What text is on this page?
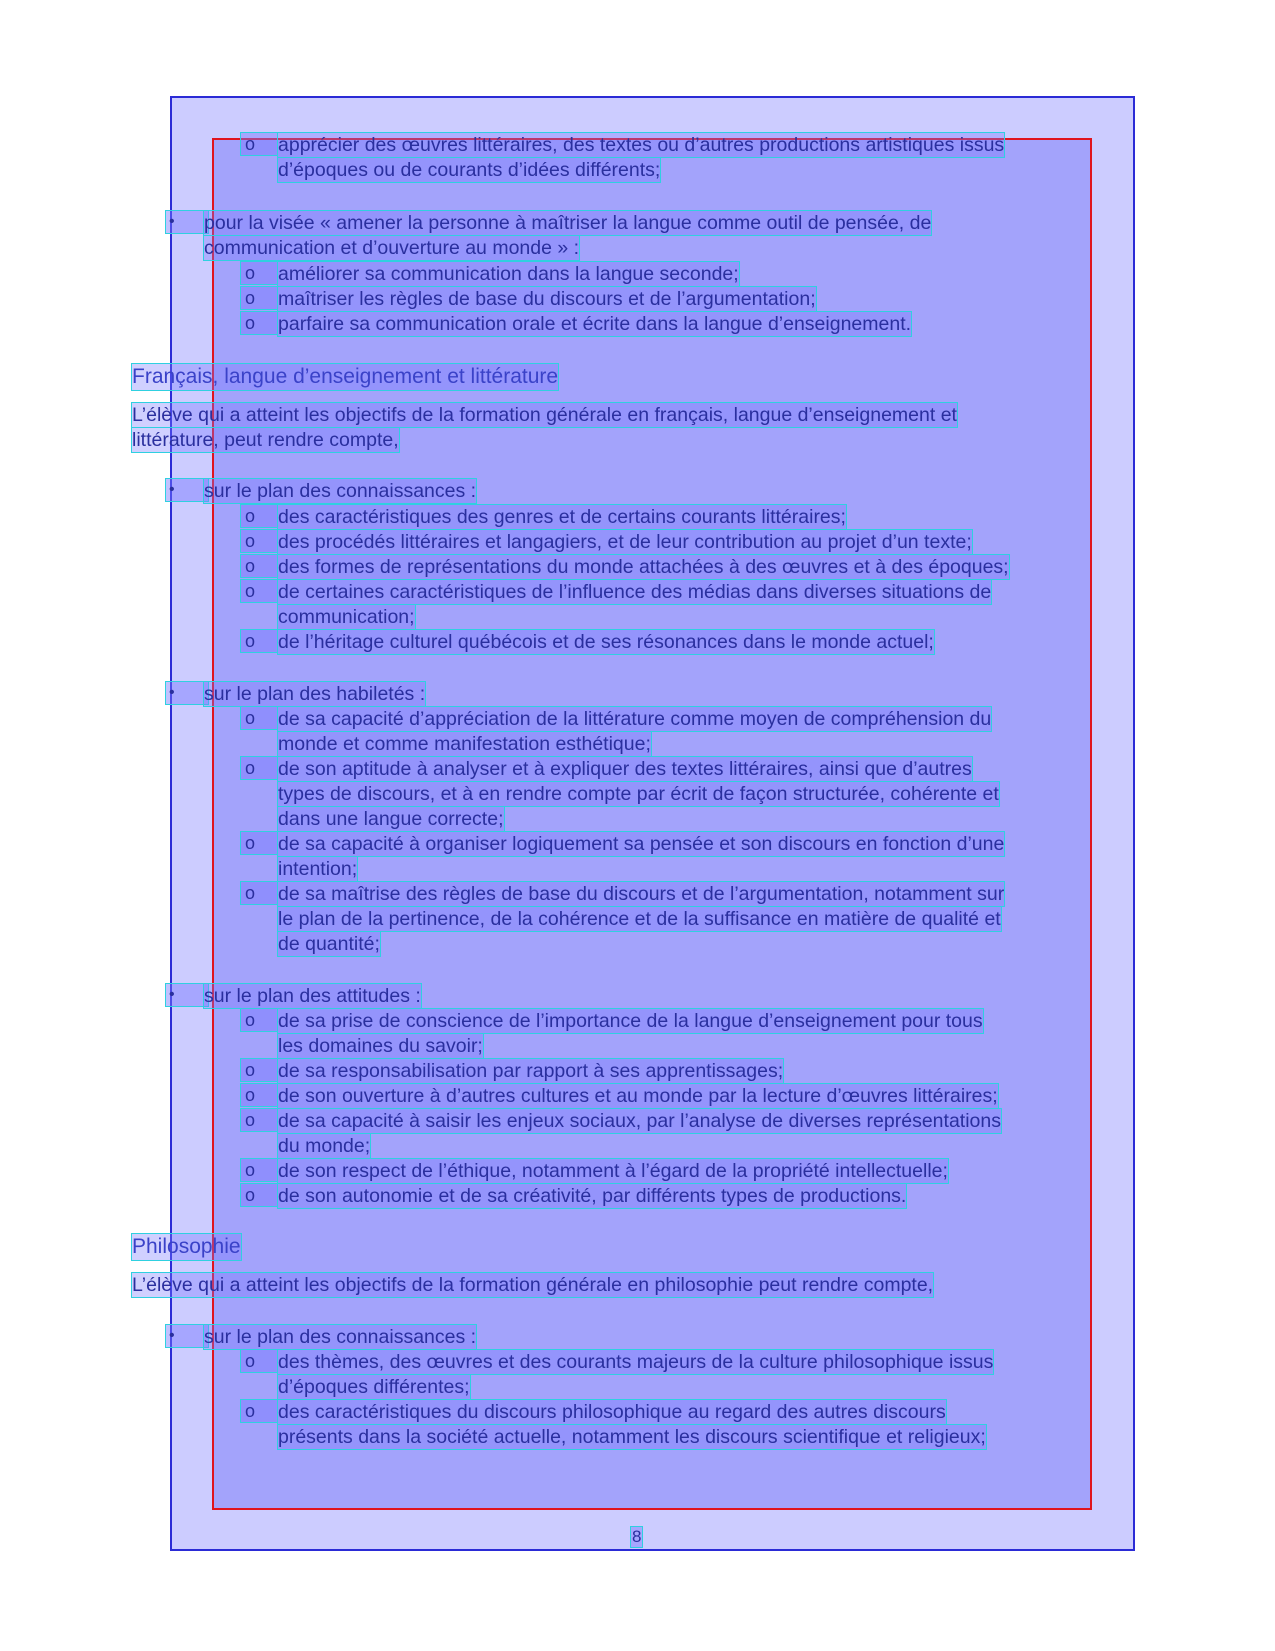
o	apprécier des œuvres littéraires, des textes ou d’autres productions artistiques issus
d’époques ou de courants d’idées différents;
•	pour la visée « amener la personne à maîtriser la langue comme outil de pensée, de
communication et d’ouverture au monde » :
o	améliorer sa communication dans la langue seconde;
o	maîtriser les règles de base du discours et de l’argumentation;
o	parfaire sa communication orale et écrite dans la langue d’enseignement.
Français, langue d’enseignement et littérature
L’élève qui a atteint les objectifs de la formation générale en français, langue d’enseignement et
littérature, peut rendre compte,
•	sur le plan des connaissances :
o	des caractéristiques des genres et de certains courants littéraires;
o	des procédés littéraires et langagiers, et de leur contribution au projet d’un texte;
o	des formes de représentations du monde attachées à des œuvres et à des époques;
o	de certaines caractéristiques de l’influence des médias dans diverses situations de
communication;
o	de l’héritage culturel québécois et de ses résonances dans le monde actuel;
•	sur le plan des habiletés :
o	de sa capacité d’appréciation de la littérature comme moyen de compréhension du
monde et comme manifestation esthétique;
o	de son aptitude à analyser et à expliquer des textes littéraires, ainsi que d’autres
types de discours, et à en rendre compte par écrit de façon structurée, cohérente et
dans une langue correcte;
o	de sa capacité à organiser logiquement sa pensée et son discours en fonction d’une
intention;
o	de sa maîtrise des règles de base du discours et de l’argumentation, notamment sur
le plan de la pertinence, de la cohérence et de la suffisance en matière de qualité et
de quantité;
•	sur le plan des attitudes :
o	de sa prise de conscience de l’importance de la langue d’enseignement pour tous
les domaines du savoir;
o	de sa responsabilisation par rapport à ses apprentissages;
o	de son ouverture à d’autres cultures et au monde par la lecture d’œuvres littéraires;
o	de sa capacité à saisir les enjeux sociaux, par l’analyse de diverses représentations
du monde;
o	de son respect de l’éthique, notamment à l’égard de la propriété intellectuelle;
o	de son autonomie et de sa créativité, par différents types de productions.
Philosophie
L’élève qui a atteint les objectifs de la formation générale en philosophie peut rendre compte,
•	sur le plan des connaissances :
o	des thèmes, des œuvres et des courants majeurs de la culture philosophique issus
d’époques différentes;
o	des caractéristiques du discours philosophique au regard des autres discours
présents dans la société actuelle, notamment les discours scientifique et religieux;
8
